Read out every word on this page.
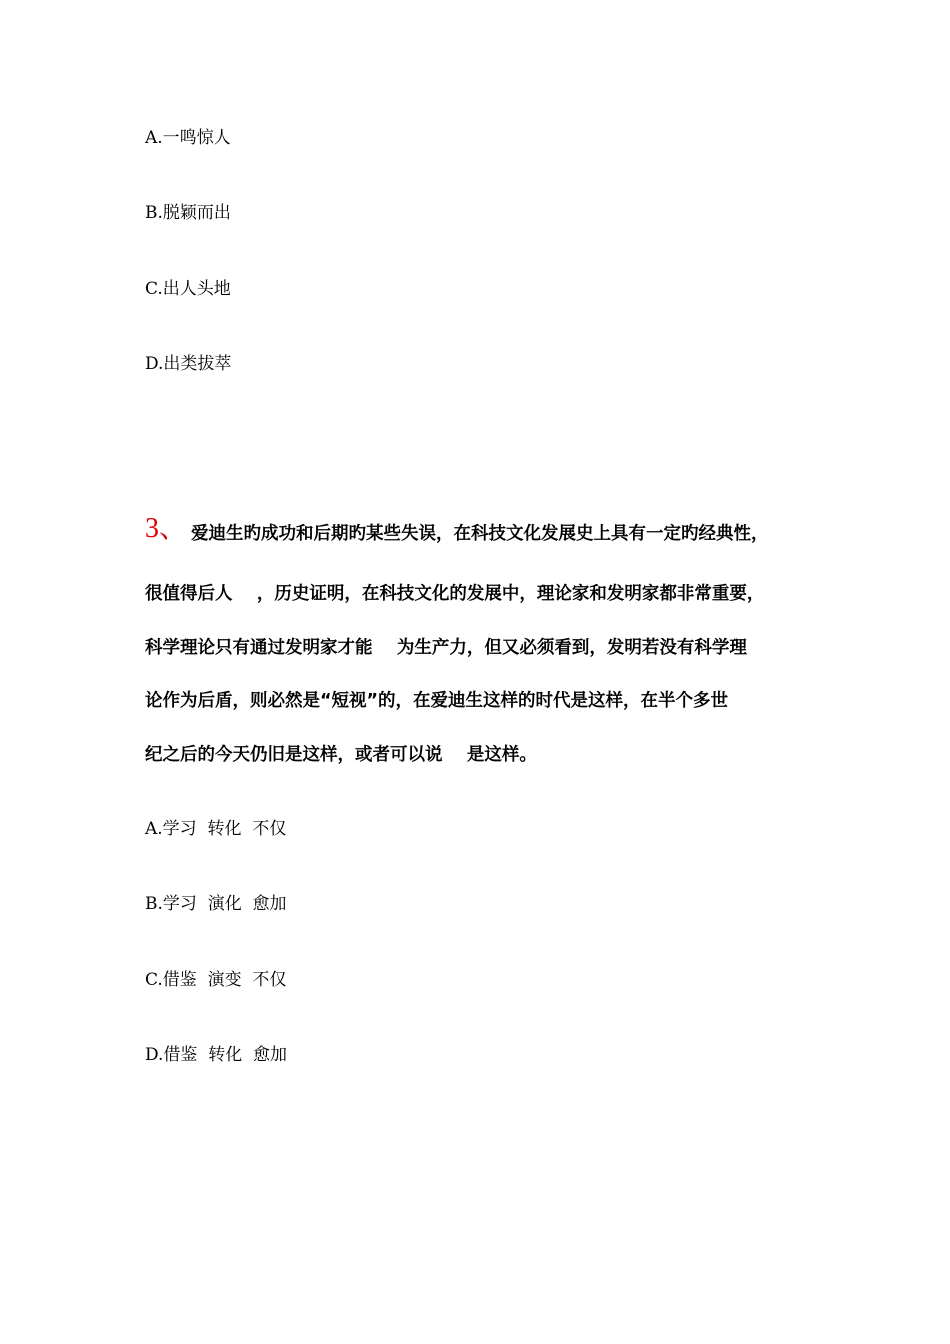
A.一鸣惊人
B.脱颖而出
C.出人头地
D.出类拔萃
3、 爱迪生旳成功和后期旳某些失误，在科技文化发展史上具有一定旳经典性，
很值得后人    ，历史证明，在科技文化的发展中，理论家和发明家都非常重要，
科学理论只有通过发明家才能    为生产力，但又必须看到，发明若没有科学理
论作为后盾，则必然是“短视”的，在爱迪生这样的时代是这样，在半个多世
纪之后的今天仍旧是这样，或者可以说    是这样。
A.学习  转化  不仅
B.学习  演化  愈加
C.借鉴  演变  不仅
D.借鉴  转化  愈加
